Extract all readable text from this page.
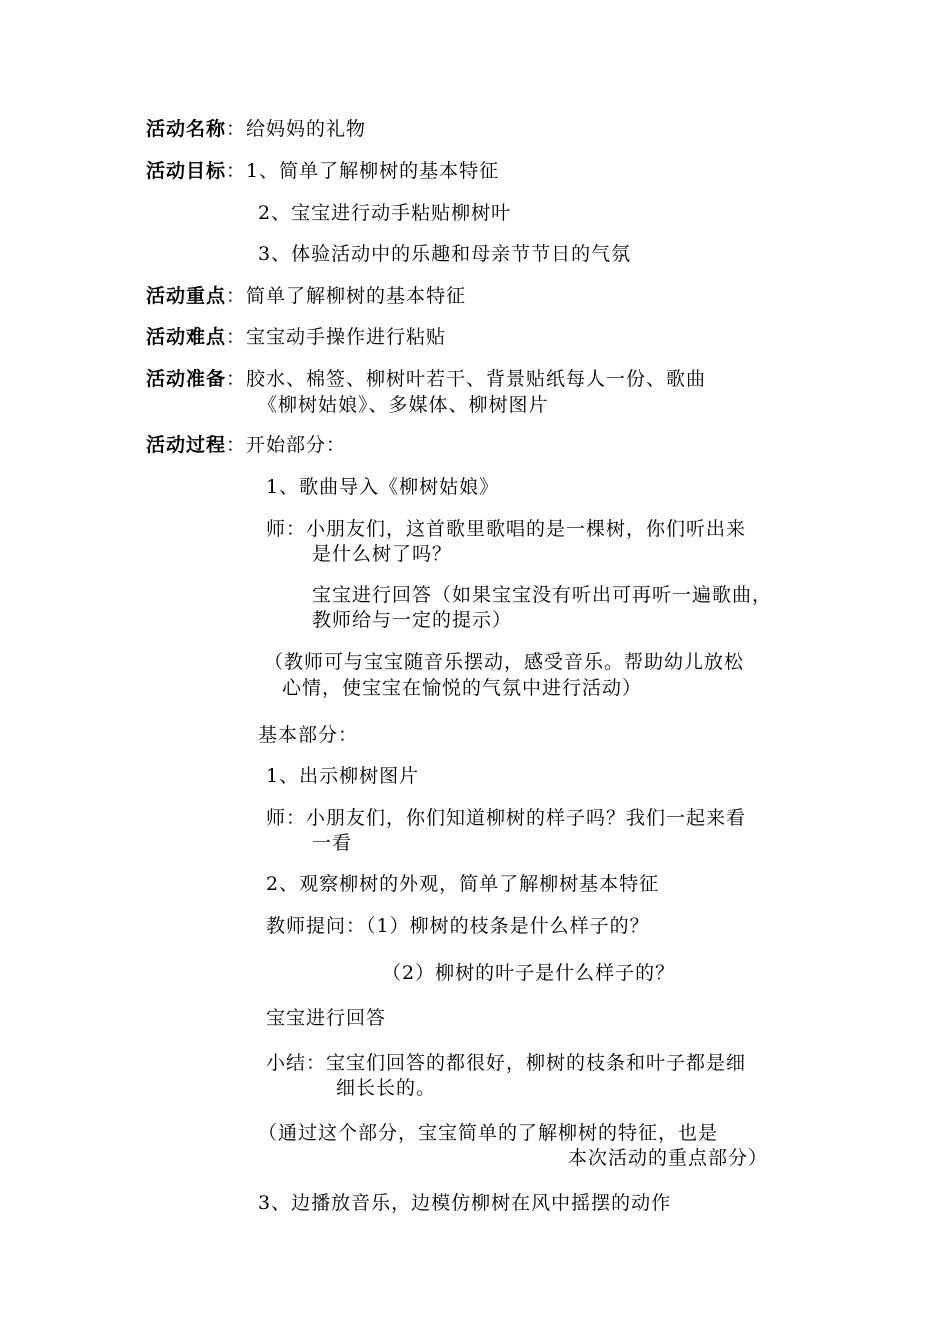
活动名称：给妈妈的礼物
活动目标：1、简单了解柳树的基本特征
2、宝宝进行动手粘贴柳树叶
3、体验活动中的乐趣和母亲节节日的气氛
活动重点：简单了解柳树的基本特征
活动难点：宝宝动手操作进行粘贴
活动准备：胶水、棉签、柳树叶若干、背景贴纸每人一份、歌曲
《柳树姑娘》、多媒体、柳树图片
活动过程：开始部分：
1、歌曲导入《柳树姑娘》
师：小朋友们，这首歌里歌唱的是一棵树，你们听出来
是什么树了吗？
宝宝进行回答（如果宝宝没有听出可再听一遍歌曲，
教师给与一定的提示）
（教师可与宝宝随音乐摆动，感受音乐。帮助幼儿放松
心情，使宝宝在愉悦的气氛中进行活动）
基本部分：
1、出示柳树图片
师：小朋友们，你们知道柳树的样子吗？我们一起来看
一看
2、观察柳树的外观，简单了解柳树基本特征
教师提问：（1）柳树的枝条是什么样子的？
（2）柳树的叶子是什么样子的？
宝宝进行回答
小结：宝宝们回答的都很好，柳树的枝条和叶子都是细
细长长的。
（通过这个部分，宝宝简单的了解柳树的特征，也是
本次活动的重点部分）
3、边播放音乐，边模仿柳树在风中摇摆的动作
